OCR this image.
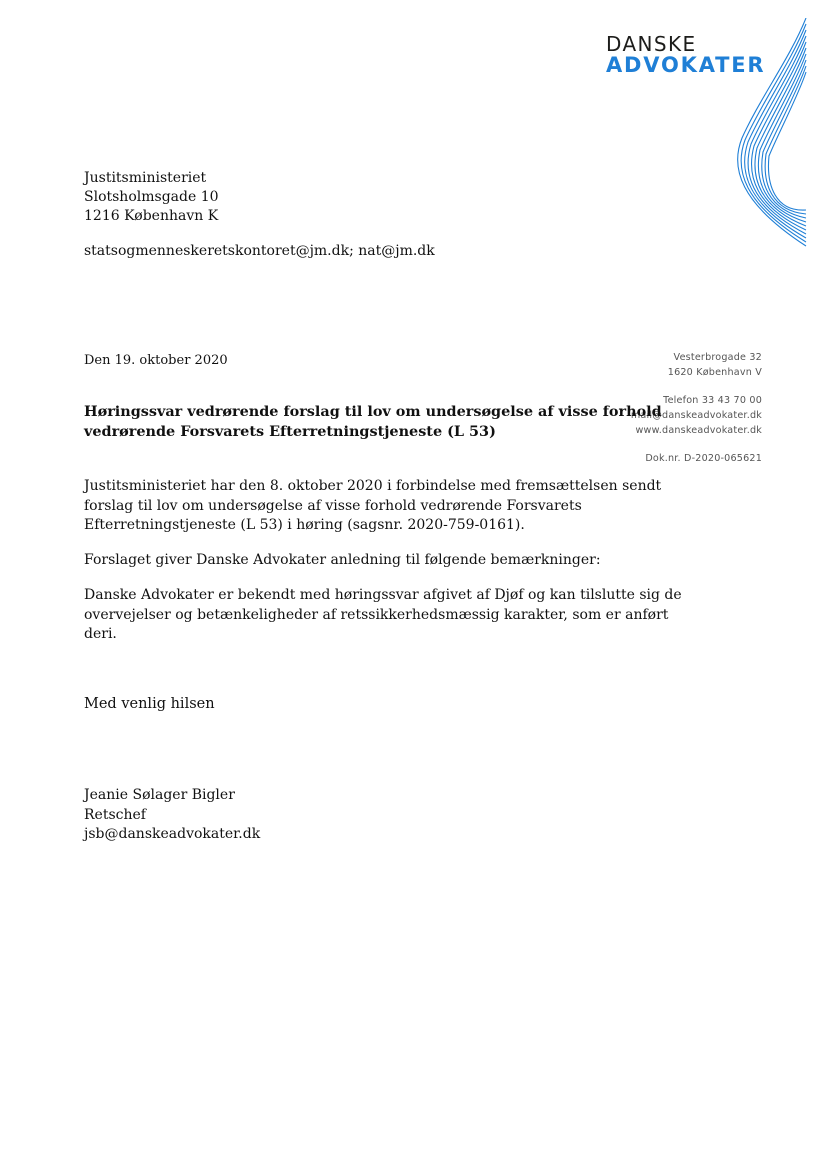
DANSKE
ADVOKATER
Justitsministeriet
Slotsholmsgade 10
1216 København K
statsogmenneskeretskontoret@jm.dk; nat@jm.dk
Den 19. oktober 2020	Vesterbrogade 32
1620 København V
Telefon 33 43 70 00
mail@danskeadvokater.dk
www.danskeadvokater.dk
Dok.nr. D-2020-065621
Høringssvar vedrørende forslag til lov om undersøgelse af visse forhold
vedrørende Forsvarets Efterretningstjeneste (L 53)
Justitsministeriet har den 8. oktober 2020 i forbindelse med fremsættelsen sendt
forslag til lov om undersøgelse af visse forhold vedrørende Forsvarets
Efterretningstjeneste (L 53) i høring (sagsnr. 2020-759-0161).
Forslaget giver Danske Advokater anledning til følgende bemærkninger:
Danske Advokater er bekendt med høringssvar afgivet af Djøf og kan tilslutte sig de
overvejelser og betænkeligheder af retssikkerhedsmæssig karakter, som er anført
deri.
Med venlig hilsen
Jeanie Sølager Bigler
Retschef
jsb@danskeadvokater.dk
